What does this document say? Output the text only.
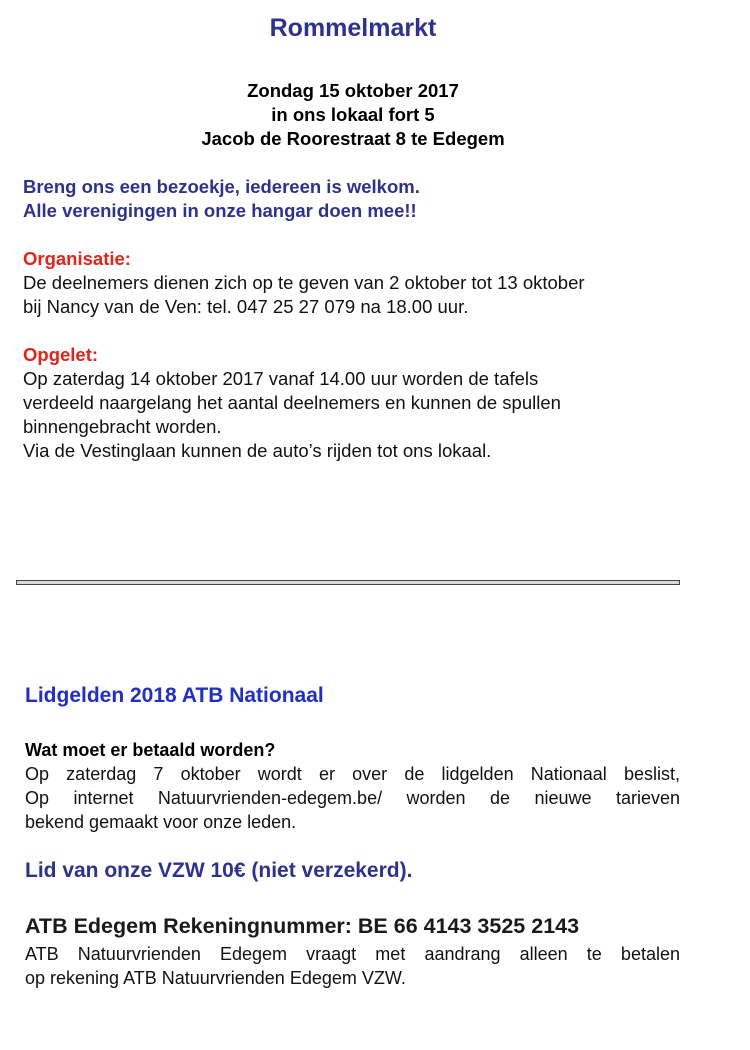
Rommelmarkt
Zondag 15 oktober 2017
in ons lokaal fort 5
Jacob de Roorestraat 8 te Edegem
Breng ons een bezoekje, iedereen is welkom.
Alle verenigingen in onze hangar doen mee!!
Organisatie:
De deelnemers dienen zich op te geven van 2 oktober tot 13 oktober
bij Nancy van de Ven: tel. 047 25 27 079 na 18.00 uur.
Opgelet:
Op zaterdag 14 oktober 2017 vanaf 14.00 uur worden de tafels
verdeeld naargelang het aantal deelnemers en kunnen de spullen
binnengebracht worden.
Via de Vestinglaan kunnen de auto’s rijden tot ons lokaal.
Lidgelden 2018 ATB Nationaal
Wat moet er betaald worden?
Op zaterdag 7 oktober wordt er over de lidgelden Nationaal beslist,
Op internet Natuurvrienden-edegem.be/ worden de nieuwe tarieven
bekend gemaakt voor onze leden.
Lid van onze VZW 10€ (niet verzekerd).
ATB Edegem Rekeningnummer: BE 66 4143 3525 2143
ATB Natuurvrienden Edegem vraagt met aandrang alleen te betalen
op rekening ATB Natuurvrienden Edegem VZW.
